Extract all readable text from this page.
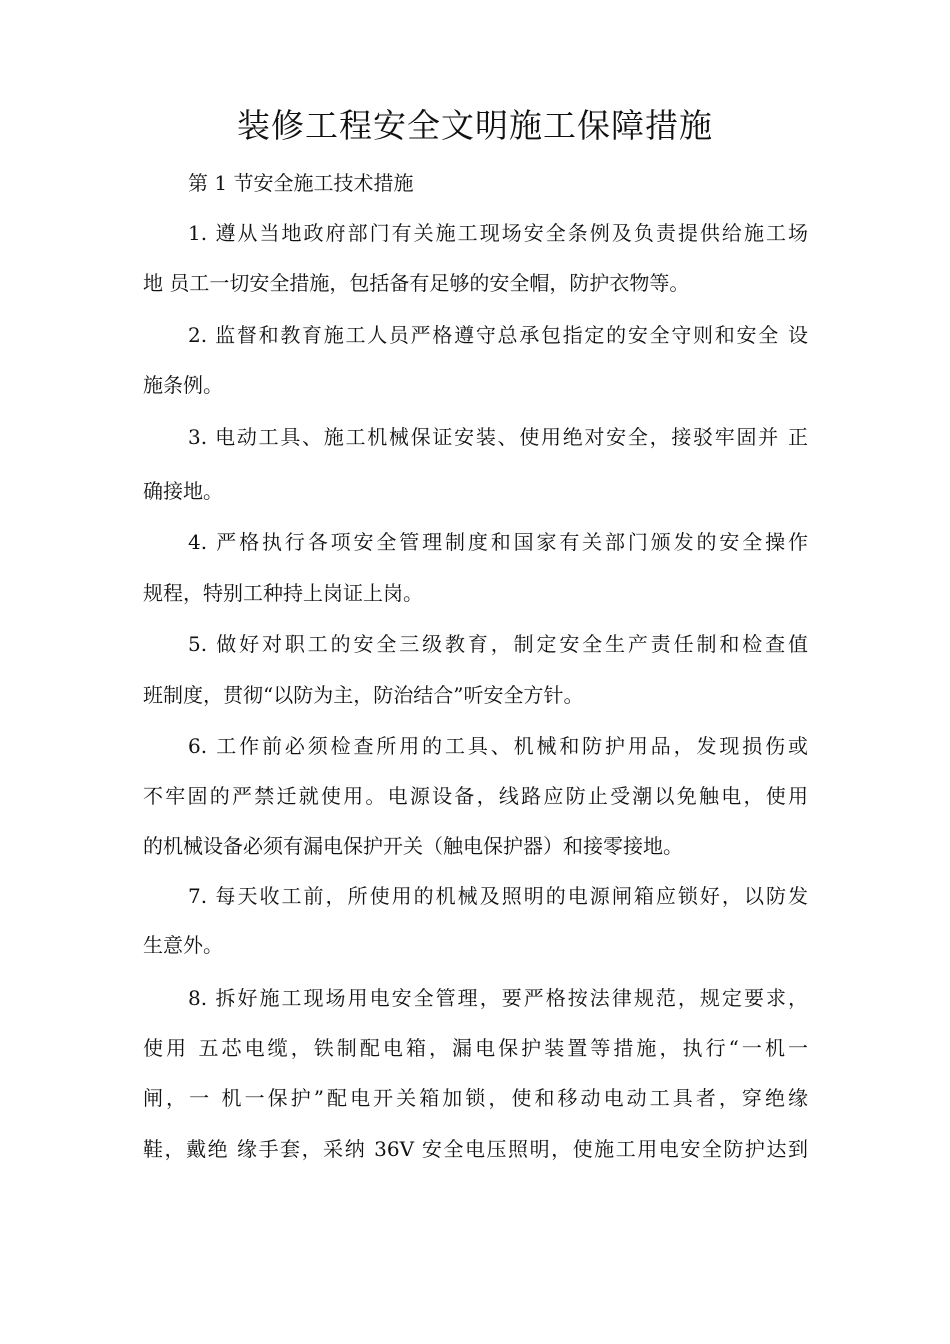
装修工程安全文明施工保障措施

第 1 节安全施工技术措施

1. 遵从当地政府部门有关施工现场安全条例及负责提供给施工场

地 员工一切安全措施，包括备有足够的安全帽，防护衣物等。

2. 监督和教育施工人员严格遵守总承包指定的安全守则和安全 设

施条例。

3. 电动工具、施工机械保证安装、使用绝对安全，接驳牢固并 正

确接地。

4. 严格执行各项安全管理制度和国家有关部门颁发的安全操作

规程，特别工种持上岗证上岗。

5. 做好对职工的安全三级教育，制定安全生产责任制和检查值

班制度，贯彻“以防为主，防治结合”听安全方针。

6. 工作前必须检查所用的工具、机械和防护用品，发现损伤或

不牢固的严禁迁就使用。电源设备，线路应防止受潮以免触电，使用

的机械设备必须有漏电保护开关（触电保护器）和接零接地。

7. 每天收工前，所使用的机械及照明的电源闸箱应锁好，以防发

生意外。

8. 拆好施工现场用电安全管理，要严格按法律规范，规定要求，

使用 五芯电缆，铁制配电箱，漏电保护装置等措施，执行“一机一

闸，一 机一保护”配电开关箱加锁，使和移动电动工具者，穿绝缘

鞋，戴绝 缘手套，采纳 36V 安全电压照明，使施工用电安全防护达到
